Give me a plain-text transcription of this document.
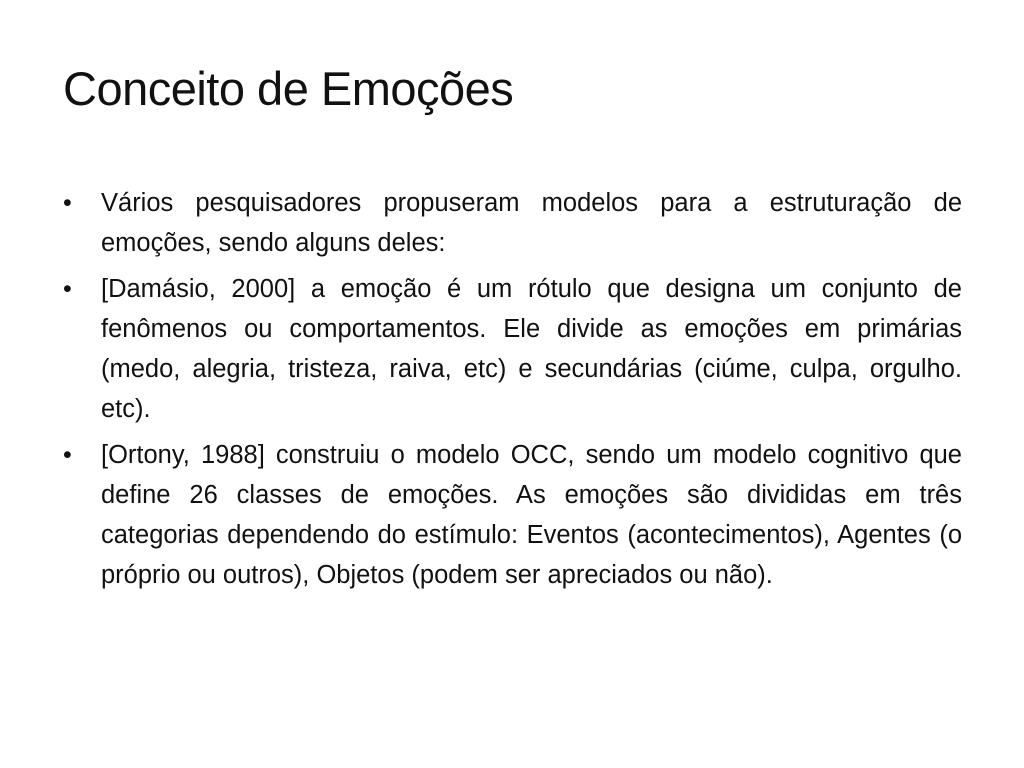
Conceito de Emoções
•	Vários pesquisadores propuseram modelos para a estruturação de emoções, sendo alguns deles:
•	[Damásio, 2000] a emoção é um rótulo que designa um conjunto de fenômenos ou comportamentos. Ele divide as emoções em primárias (medo, alegria, tristeza, raiva, etc) e secundárias (ciúme, culpa, orgulho. etc).
•	[Ortony, 1988] construiu o modelo OCC, sendo um modelo cognitivo que define 26 classes de emoções. As emoções são divididas em três categorias dependendo do estímulo: Eventos (acontecimentos), Agentes (o próprio ou outros), Objetos (podem ser apreciados ou não).
